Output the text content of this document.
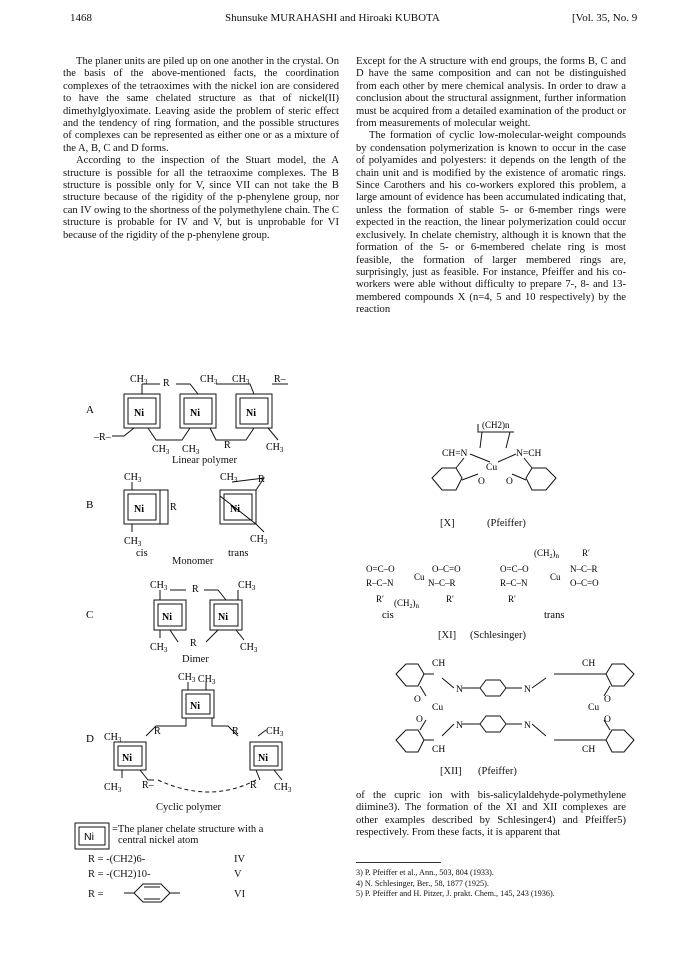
1468	Shunsuke MURAHASHI and Hiroaki KUBOTA	[Vol. 35, No. 9

The planer units are piled up on one another in the crystal. On the basis of the above-mentioned facts, the coordination complexes of the tetraoximes with the nickel ion are considered to have the same chelated structure as that of nickel(II) dimethylglyoximate. Leaving aside the problem of steric effect and the tendency of ring formation, and the possible structures of complexes can be represented as either one or as a mixture of the A, B, C and D forms.

According to the inspection of the Stuart model, the A structure is possible for all the tetraoxime complexes. The B structure is possible only for V, since VII can not take the B structure because of the rigidity of the p-phenylene group, nor can IV owing to the shortness of the polymethylene chain. The C structure is probable for IV and V, but is unprobable for VI because of the rigidity of the p-phenylene group.

A
$CH_3$ R	$CH_3$ $CH_3$ R–
–R–
$CH_3$ $CH_3$
R	$CH_3$
Ni	Ni	Ni
Linear polymer
B
$CH_3$
R
$CH_3$
$CH_3$ R
$CH_3$
Ni	Ni
cis	trans
Monomer
C
$CH_3$ R	$CH_3$
$CH_3$
R	$CH_3$
Ni	Ni
Dimer
D
$CH_3$ $CH_3$
$CH_3$
R	R	$CH_3$
$CH_3$ R–	R $CH_3$
Ni
Ni	Ni
Cyclic polymer
Ni
=The planer chelate structure with a
central nickel atom
R = -(CH2)6-	IV
R = -(CH2)10-	V
R =	VI

Except for the A structure with end groups, the forms B, C and D have the same composition and can not be distinguished from each other by mere chemical analysis. In order to draw a conclusion about the structural assignment, further information must be acquired from a detailed examination of the product or from measurements of molecular weight.

The formation of cyclic low-molecular-weight compounds by condensation polymerization is known to occur in the case of polyamides and polyesters: it depends on the length of the chain unit and is modified by the existence of aromatic rings. Since Carothers and his co-workers explored this problem, a large amount of evidence has been accumulated indicating that, unless the formation of stable 5- or 6-member rings were expected in the reaction, the linear polymerization could occur exclusively. In chelate chemistry, although it is known that the formation of the 5- or 6-membered chelate ring is most feasible, the formation of larger membered rings are, surprisingly, just as feasible. For instance, Pfeiffer and his co-workers were able without difficulty to prepare 7-, 8- and 13-membered compounds X (n=4, 5 and 10 respectively) by the reaction

(CH2)n
CH=N	N=CH
Cu
O O
[X]	(Pfeiffer)
O=C–O	O–C=O
Cu
R–C–N	N–C–R
R′ $(CH_2)_n$
R′
$(CH_2)_n$	R′
O=C–O	N–C–R
Cu
R–C–N	O–C=O
R′
cis	trans
[XI] (Schlesinger)
CH	CH
N	N
N	N
Cu	Cu
O
O
O
O
CH	CH
[XII] (Pfeiffer)

of the cupric ion with bis-salicylaldehyde-polymethylene diimine3). The formation of the XI and XII complexes are other examples described by Schlesinger4) and Pfeiffer5) respectively. From these facts, it is apparent that

3) P. Pfeiffer et al., Ann., 503, 804 (1933).
4) N. Schlesinger, Ber., 58, 1877 (1925).
5) P. Pfeiffer and H. Pitzer, J. prakt. Chem., 145, 243 (1936).
